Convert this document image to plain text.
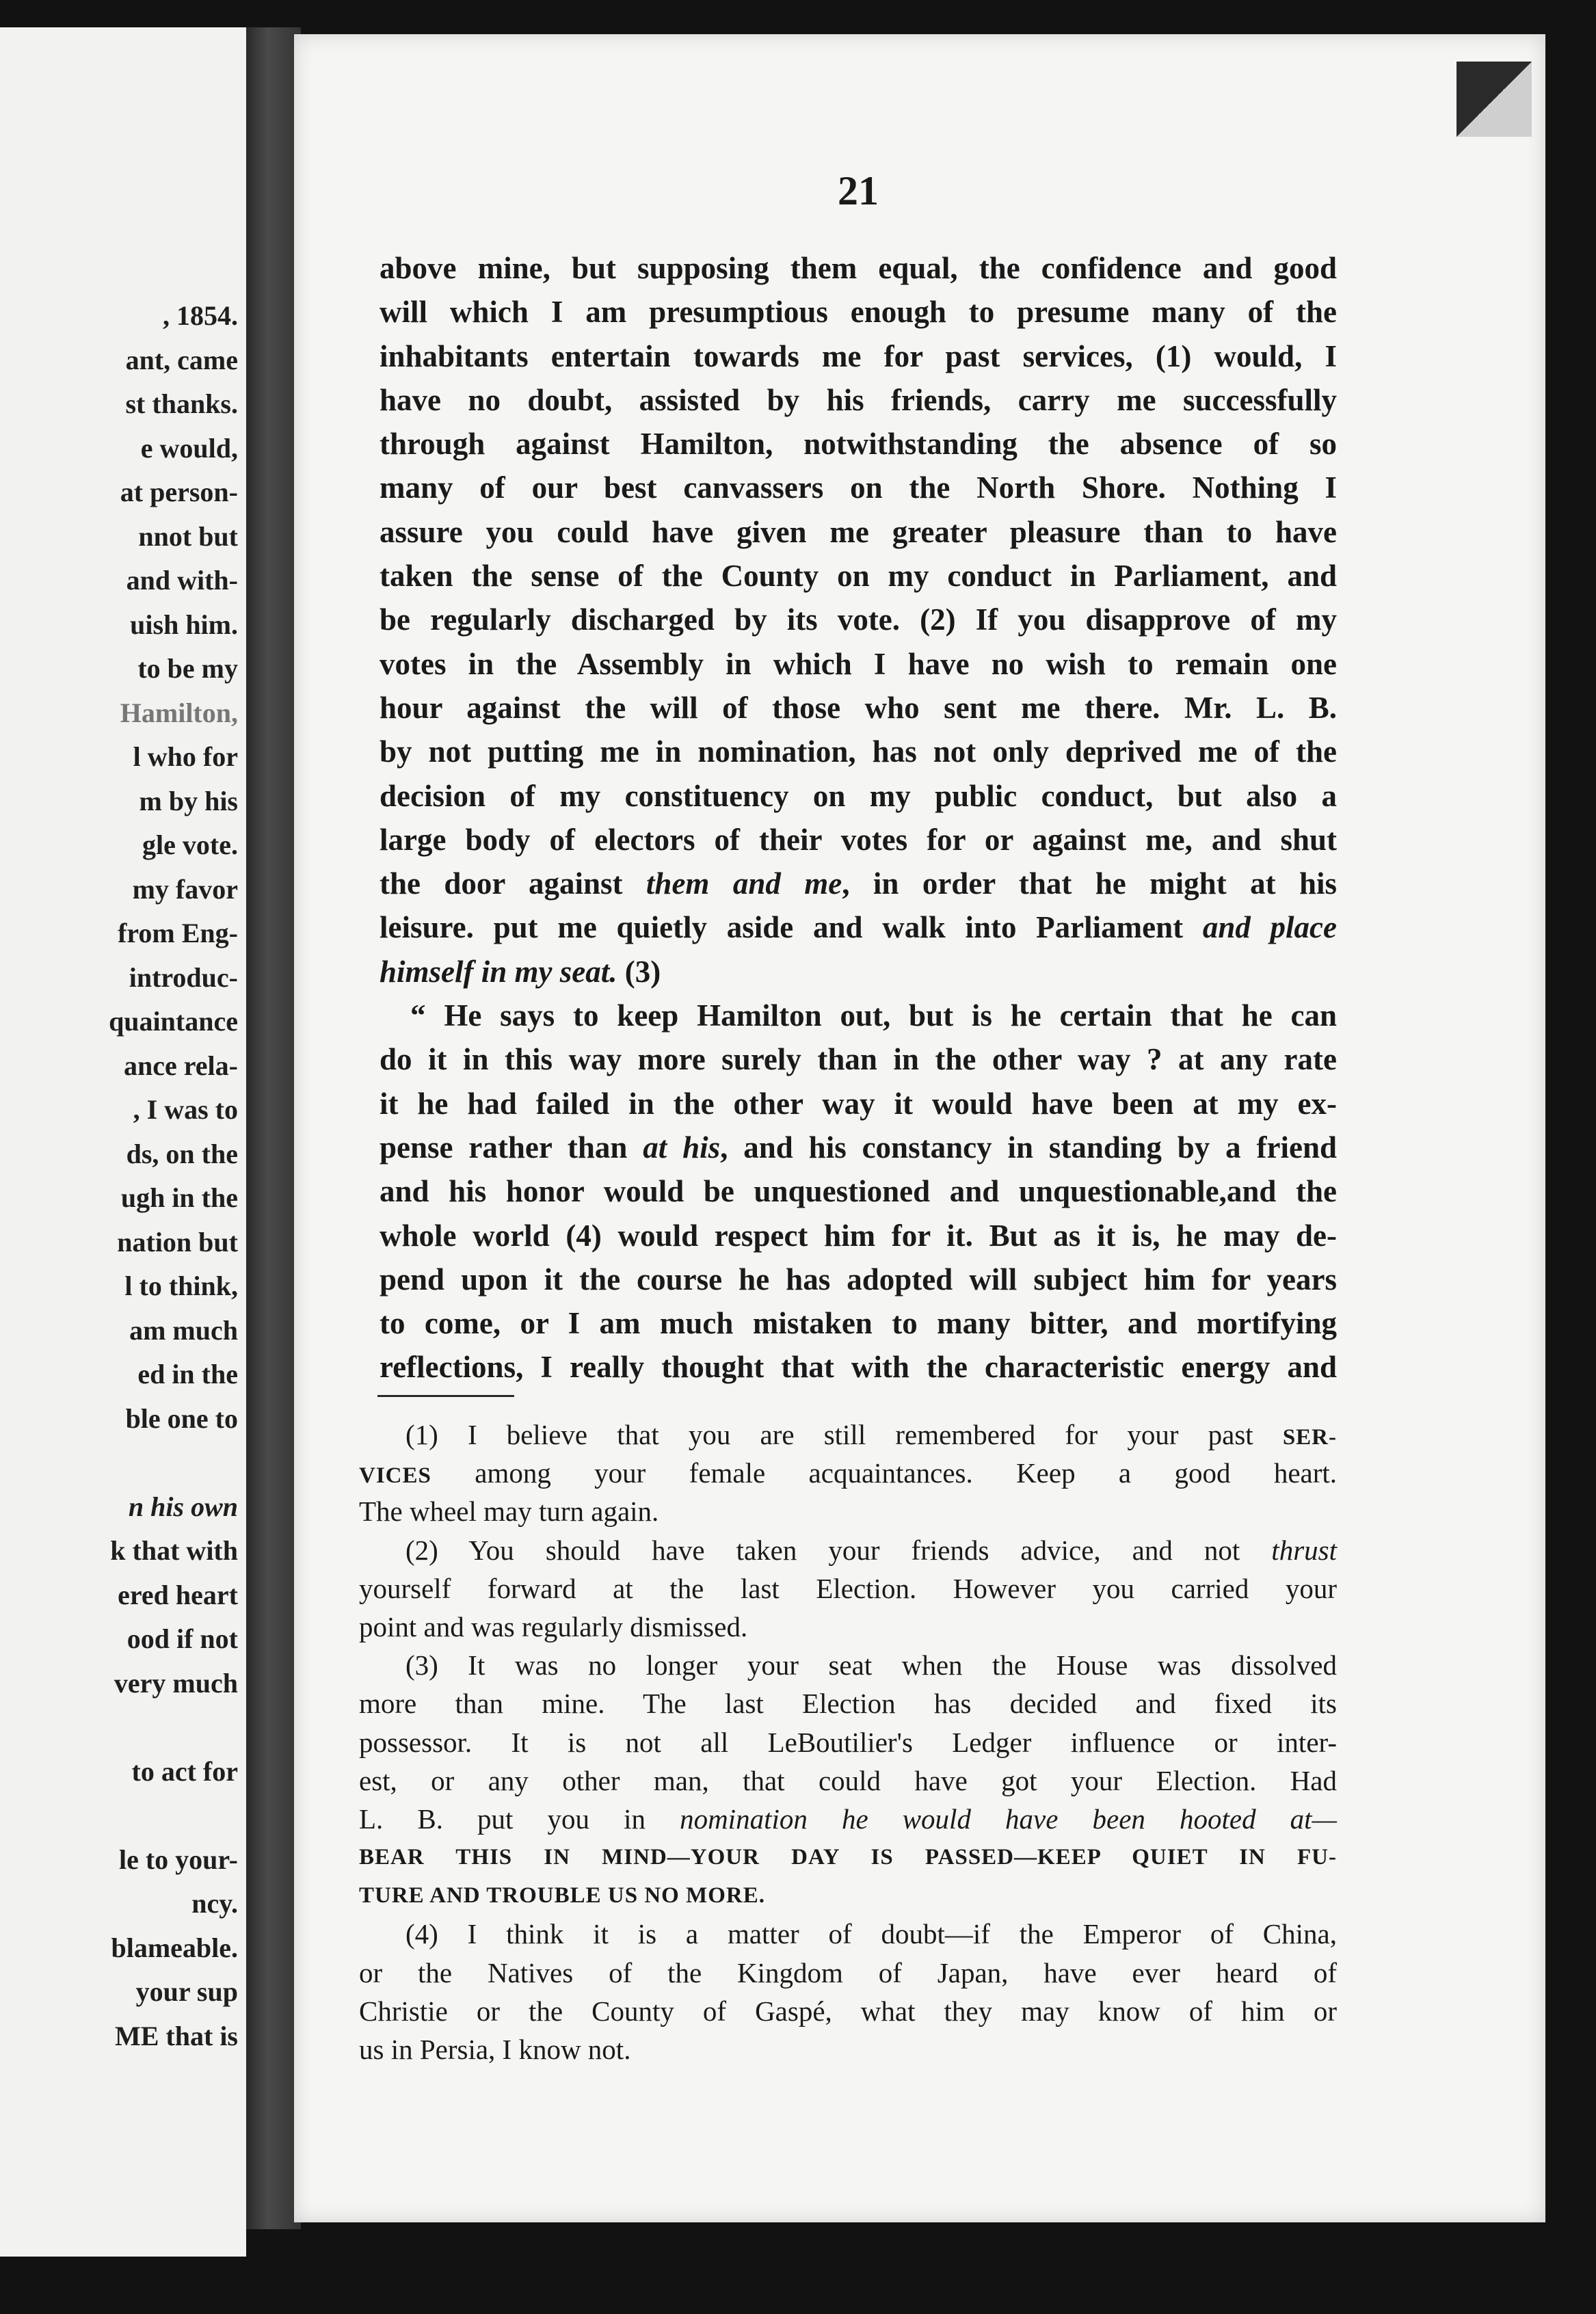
, 1854.
ant, came
st thanks.
e would,
at person-
nnot but
and with-
uish him.
to be my
Hamilton,
l who for
m by his
gle vote.
my favor
from Eng-
introduc-
quaintance
ance rela-
, I was to
ds, on the
ugh in the
nation but
l to think,
am much
ed in the
ble one to
n his own
k that with
ered heart
ood if not
very much
to act for
le to your-
ncy.
blameable.
your sup
ME that is
21
above mine, but supposing them equal, the confidence and good
will which I am presumptious enough to presume many of the
inhabitants entertain towards me for past services, (1) would, I
have no doubt, assisted by his friends, carry me successfully
through against Hamilton, notwithstanding the absence of so
many of our best canvassers on the North Shore. Nothing I
assure you could have given me greater pleasure than to have
taken the sense of the County on my conduct in Parliament, and
be regularly discharged by its vote. (2) If you disapprove of my
votes in the Assembly in which I have no wish to remain one
hour against the will of those who sent me there. Mr. L. B.
by not putting me in nomination, has not only deprived me of the
decision of my constituency on my public conduct, but also a
large body of electors of their votes for or against me, and shut
the door against them and me, in order that he might at his
leisure. put me quietly aside and walk into Parliament and place
himself in my seat. (3)
“ He says to keep Hamilton out, but is he certain that he can
do it in this way more surely than in the other way ? at any rate
it he had failed in the other way it would have been at my ex-
pense rather than at his, and his constancy in standing by a friend
and his honor would be unquestioned and unquestionable,and the
whole world (4) would respect him for it. But as it is, he may de-
pend upon it the course he has adopted will subject him for years
to come, or I am much mistaken to many bitter, and mortifying
reflections, I really thought that with the characteristic energy and
(1) I believe that you are still remembered for your past SER-
VICES among your female acquaintances. Keep a good heart.
The wheel may turn again.
(2) You should have taken your friends advice, and not thrust
yourself forward at the last Election. However you carried your
point and was regularly dismissed.
(3) It was no longer your seat when the House was dissolved
more than mine. The last Election has decided and fixed its
possessor. It is not all LeBoutilier's Ledger influence or inter-
est, or any other man, that could have got your Election. Had
L. B. put you in nomination he would have been hooted at—
BEAR THIS IN MIND—YOUR DAY IS PASSED—KEEP QUIET IN FU-
TURE AND TROUBLE US NO MORE.
(4) I think it is a matter of doubt—if the Emperor of China,
or the Natives of the Kingdom of Japan, have ever heard of
Christie or the County of Gaspé, what they may know of him or
us in Persia, I know not.
